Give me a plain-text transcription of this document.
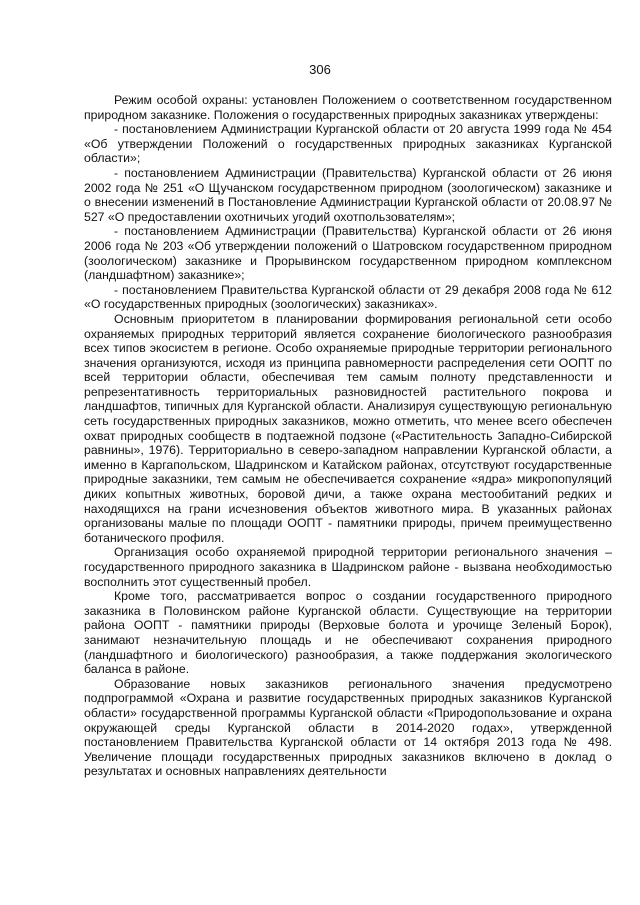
306

Режим особой охраны: установлен Положением о соответственном государственном природном заказнике. Положения о государственных природных заказниках утверждены:

- постановлением Администрации Курганской области от 20 августа 1999 года № 454 «Об утверждении Положений о государственных природных заказниках Курганской области»;

- постановлением Администрации (Правительства) Курганской области от 26 июня 2002 года № 251 «О Щучанском государственном природном (зоологическом) заказнике и о внесении изменений в Постановление Администрации Курганской области от 20.08.97 № 527 «О предоставлении охотничьих угодий охотпользователям»;

- постановлением Администрации (Правительства) Курганской области от 26 июня 2006 года № 203 «Об утверждении положений о Шатровском государственном природном (зоологическом) заказнике и Прорывинском государственном природном комплексном (ландшафтном) заказнике»;

- постановлением Правительства Курганской области от 29 декабря 2008 года № 612 «О государственных природных (зоологических) заказниках».

Основным приоритетом в планировании формирования региональной сети особо охраняемых природных территорий является сохранение биологического разнообразия всех типов экосистем в регионе. Особо охраняемые природные территории регионального значения организуются, исходя из принципа равномерности распределения сети ООПТ по всей территории области, обеспечивая тем самым полноту представленности и репрезентативность территориальных разновидностей растительного покрова и ландшафтов, типичных для Курганской области. Анализируя существующую региональную сеть государственных природных заказников, можно отметить, что менее всего обеспечен охват природных сообществ в подтаежной подзоне («Растительность Западно-Сибирской равнины», 1976). Территориально в северо-западном направлении Курганской области, а именно в Каргапольском, Шадринском и Катайском районах, отсутствуют государственные природные заказники, тем самым не обеспечивается сохранение «ядра» микропопуляций диких копытных животных, боровой дичи, а также охрана местообитаний редких и находящихся на грани исчезновения объектов животного мира. В указанных районах организованы малые по площади ООПТ - памятники природы, причем преимущественно ботанического профиля.

Организация особо охраняемой природной территории регионального значения – государственного природного заказника в Шадринском районе - вызвана необходимостью восполнить этот существенный пробел.

Кроме того, рассматривается вопрос о создании государственного природного заказника в Половинском районе Курганской области. Существующие на территории района ООПТ - памятники природы (Верховые болота и урочище Зеленый Борок), занимают незначительную площадь и не обеспечивают сохранения природного (ландшафтного и биологического) разнообразия, а также поддержания экологического баланса в районе.

Образование новых заказников регионального значения предусмотрено подпрограммой «Охрана и развитие государственных природных заказников Курганской области» государственной программы Курганской области «Природопользование и охрана окружающей среды Курганской области в 2014-2020 годах», утвержденной постановлением Правительства Курганской области от 14 октября 2013 года № 498. Увеличение площади государственных природных заказников включено в доклад о результатах и основных направлениях деятельности
